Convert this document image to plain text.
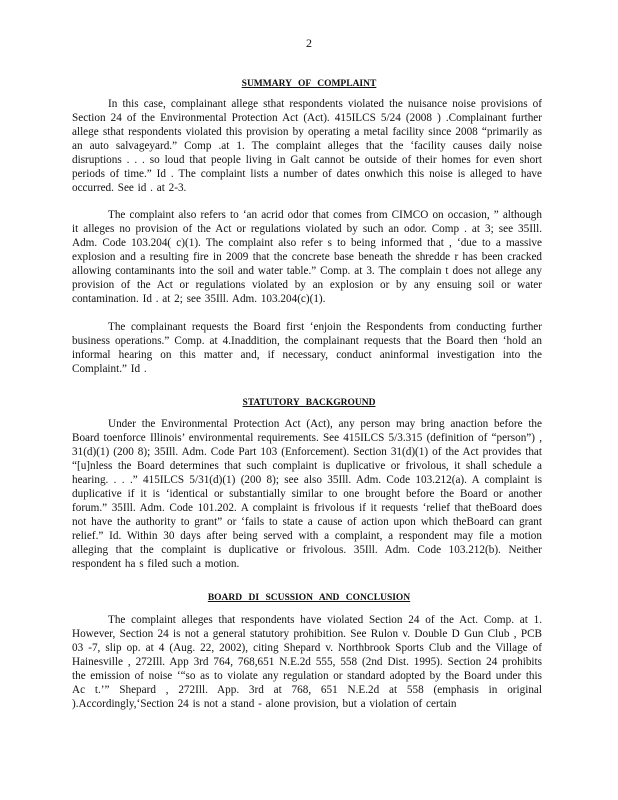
2
SUMMARY OF COMPLAINT

In this case, complainant allege sthat respondents violated the nuisance noise provisions of Section 24 of the Environmental Protection Act (Act). 415ILCS 5/24 (2008 ) .Complainant further allege sthat respondents violated this provision by operating a metal facility since 2008 “primarily as an auto salvageyard.” Comp .at 1. The complaint alleges that the ‘facility causes daily noise disruptions . . . so loud that people living in Galt cannot be outside of their homes for even short periods of time.” Id . The complaint lists a number of dates onwhich this noise is alleged to have occurred. See id . at 2-3.

The complaint also refers to ‘an acrid odor that comes from CIMCO on occasion, ” although it alleges no provision of the Act or regulations violated by such an odor. Comp . at 3; see 35Ill. Adm. Code 103.204( c)(1). The complaint also refer s to being informed that , ‘due to a massive explosion and a resulting fire in 2009 that the concrete base beneath the shredde r has been cracked allowing contaminants into the soil and water table.” Comp. at 3. The complain t does not allege any provision of the Act or regulations violated by an explosion or by any ensuing soil or water contamination. Id . at 2; see 35Ill. Adm. 103.204(c)(1).

The complainant requests the Board first ‘enjoin the Respondents from conducting further business operations.” Comp. at 4.Inaddition, the complainant requests that the Board then ‘hold an informal hearing on this matter and, if necessary, conduct aninformal investigation into the Complaint.” Id .

STATUTORY BACKGROUND

Under the Environmental Protection Act (Act), any person may bring anaction before the Board toenforce Illinois’ environmental requirements. See 415ILCS 5/3.315 (definition of “person”) , 31(d)(1) (200 8); 35Ill. Adm. Code Part 103 (Enforcement). Section 31(d)(1) of the Act provides that “[u]nless the Board determines that such complaint is duplicative or frivolous, it shall schedule a hearing. . . .” 415ILCS 5/31(d)(1) (200 8); see also 35Ill. Adm. Code 103.212(a). A complaint is duplicative if it is ‘identical or substantially similar to one brought before the Board or another forum.” 35Ill. Adm. Code 101.202. A complaint is frivolous if it requests ‘relief that theBoard does not have the authority to grant” or ‘fails to state a cause of action upon which theBoard can grant relief.” Id. Within 30 days after being served with a complaint, a respondent may file a motion alleging that the complaint is duplicative or frivolous. 35Ill. Adm. Code 103.212(b). Neither respondent ha s filed such a motion.

BOARD DI SCUSSION AND CONCLUSION

The complaint alleges that respondents have violated Section 24 of the Act. Comp. at 1. However, Section 24 is not a general statutory prohibition. See Rulon v. Double D Gun Club , PCB 03 -7, slip op. at 4 (Aug. 22, 2002), citing Shepard v. Northbrook Sports Club and the Village of Hainesville , 272Ill. App 3rd 764, 768,651 N.E.2d 555, 558 (2nd Dist. 1995). Section 24 prohibits the emission of noise ‘“so as to violate any regulation or standard adopted by the Board under this Ac t.’” Shepard , 272Ill. App. 3rd at 768, 651 N.E.2d at 558 (emphasis in original ).Accordingly,‘Section 24 is not a stand - alone provision, but a violation of certain
